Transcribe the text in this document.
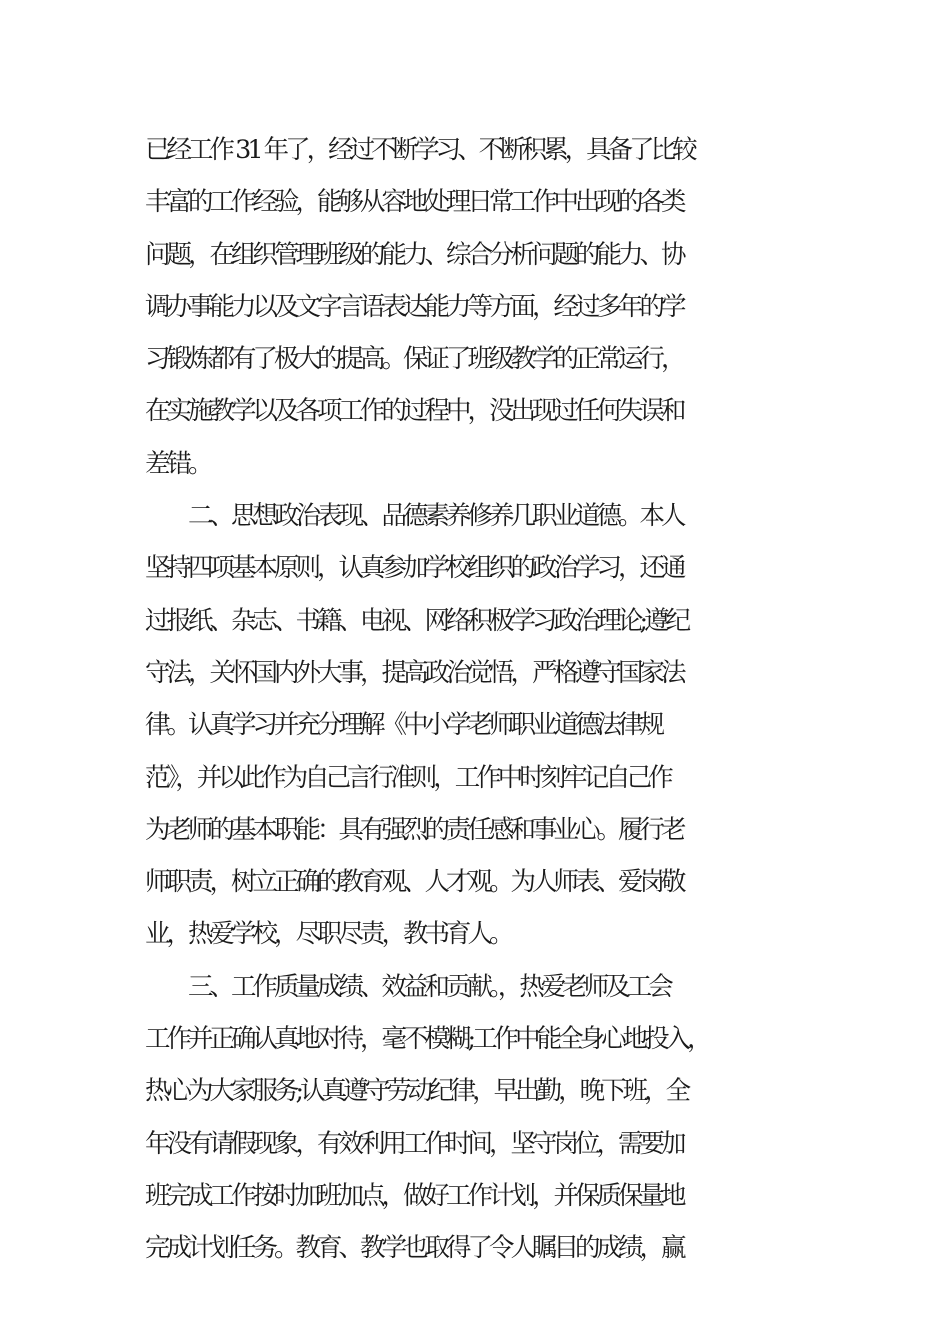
已经工作 31 年了，经过不断学习、不断积累，具备了比较
丰富的工作经验，能够从容地处理日常工作中出现的各类
问题，在组织管理班级的能力、综合分析问题的能力、协
调办事能力以及文字言语表达能力等方面，经过多年的学
习锻炼都有了极大的提高。保证了班级教学的正常运行，
在实施教学以及各项工作的过程中，没出现过任何失误和
差错。
　　二、思想政治表现、品德素养修养几职业道德。本人
坚持四项基本原则，认真参加学校组织的政治学习，还通
过报纸、杂志、书籍、电视、网络积极学习政治理论;遵纪
守法，关怀国内外大事，提高政治觉悟，严格遵守国家法
律。认真学习并充分理解《中小学老师职业道德法律规
范》，并以此作为自己言行准则，工作中时刻牢记自己作
为老师的基本职能：具有强烈的责任感和事业心。履行老
师职责，树立正确的教育观、人才观。为人师表、爱岗敬
业，热爱学校，尽职尽责，教书育人。
　　三、工作质量成绩、效益和贡献。，热爱老师及工会
工作并正确认真地对待，毫不模糊;工作中能全身心地投入，
热心为大家服务;认真遵守劳动纪律，早出勤，晚下班，全
年没有请假现象，有效利用工作时间，坚守岗位，需要加
班完成工作按时加班加点，做好工作计划，并保质保量地
完成计划任务。教育、教学也取得了令人瞩目的成绩，赢
